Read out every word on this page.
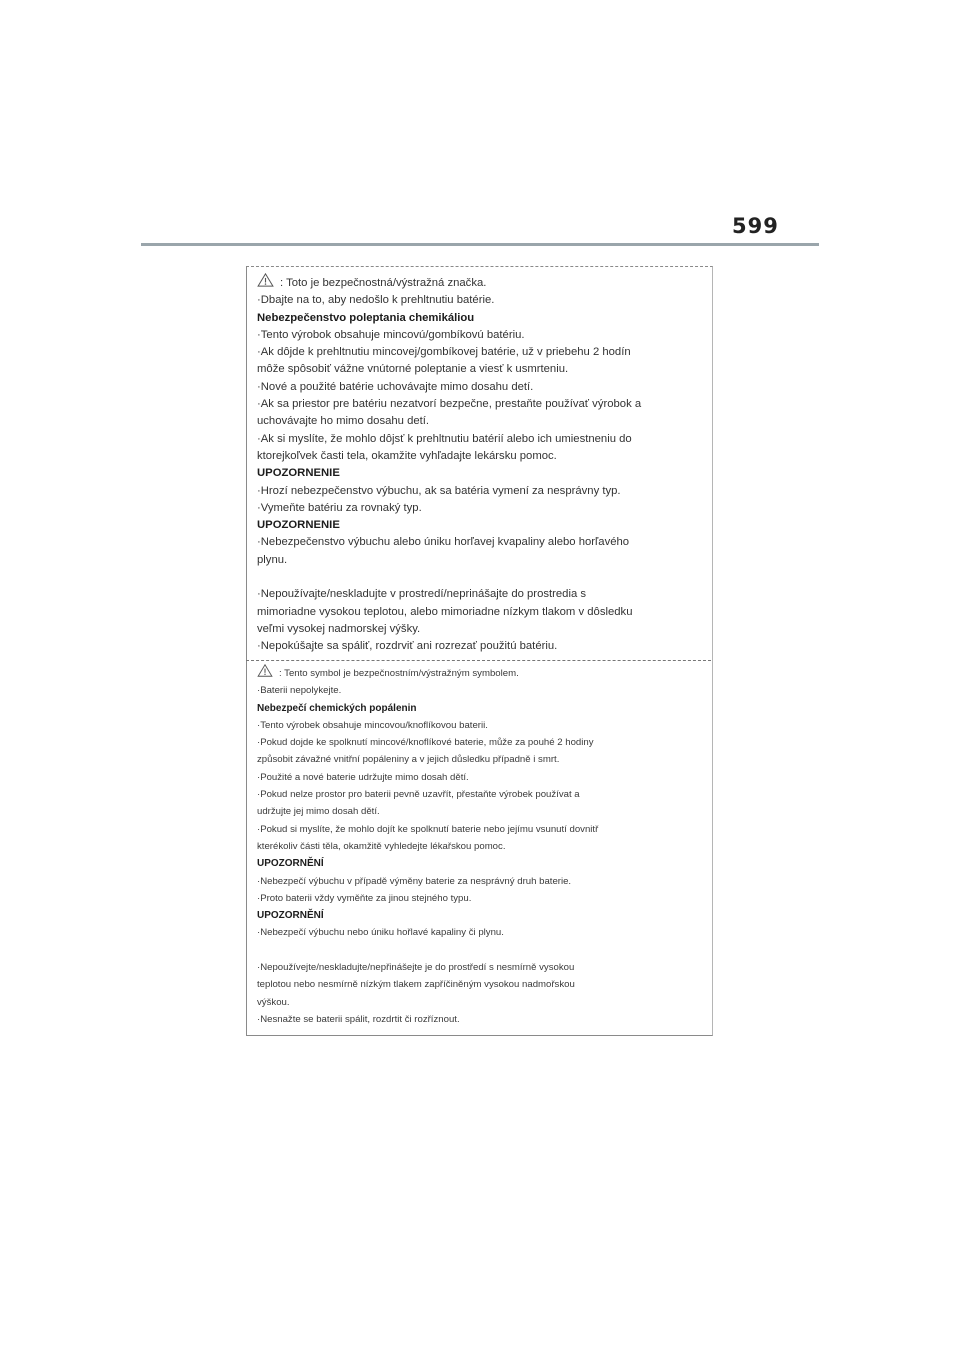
599
: Toto je bezpečnostná/výstražná značka.
·Dbajte na to, aby nedošlo k prehltnutiu batérie.
Nebezpečenstvo poleptania chemikáliou
·Tento výrobok obsahuje mincovú/gombíkovú batériu.
·Ak dôjde k prehltnutiu mincovej/gombíkovej batérie, už v priebehu 2 hodín
môže spôsobiť vážne vnútorné poleptanie a viesť k usmrteniu.
·Nové a použité batérie uchovávajte mimo dosahu detí.
·Ak sa priestor pre batériu nezatvorí bezpečne, prestaňte používať výrobok a
uchovávajte ho mimo dosahu detí.
·Ak si myslíte, že mohlo dôjsť k prehltnutiu batérií alebo ich umiestneniu do
ktorejkoľvek časti tela, okamžite vyhľadajte lekársku pomoc.
UPOZORNENIE
·Hrozí nebezpečenstvo výbuchu, ak sa batéria vymení za nesprávny typ.
·Vymeňte batériu za rovnaký typ.
UPOZORNENIE
·Nebezpečenstvo výbuchu alebo úniku horľavej kvapaliny alebo horľavého
plynu.
·Nepoužívajte/neskladujte v prostredí/neprinášajte do prostredia s
mimoriadne vysokou teplotou, alebo mimoriadne nízkym tlakom v dôsledku
veľmi vysokej nadmorskej výšky.
·Nepokúšajte sa spáliť, rozdrviť ani rozrezať použitú batériu.
: Tento symbol je bezpečnostním/výstražným symbolem.
·Baterii nepolykejte.
Nebezpečí chemických popálenin
·Tento výrobek obsahuje mincovou/knoflíkovou baterii.
·Pokud dojde ke spolknutí mincové/knoflíkové baterie, může za pouhé 2 hodiny
způsobit závažné vnitřní popáleniny a v jejich důsledku případně i smrt.
·Použité a nové baterie udržujte mimo dosah dětí.
·Pokud nelze prostor pro baterii pevně uzavřít, přestaňte výrobek používat a
udržujte jej mimo dosah dětí.
·Pokud si myslíte, že mohlo dojít ke spolknutí baterie nebo jejímu vsunutí dovnitř
kterékoliv části těla, okamžitě vyhledejte lékařskou pomoc.
UPOZORNĚNÍ
·Nebezpečí výbuchu v případě výměny baterie za nesprávný druh baterie.
·Proto baterii vždy vyměňte za jinou stejného typu.
UPOZORNĚNÍ
·Nebezpečí výbuchu nebo úniku hořlavé kapaliny či plynu.
·Nepoužívejte/neskladujte/nepřinášejte je do prostředí s nesmírně vysokou
teplotou nebo nesmírně nízkým tlakem zapříčiněným vysokou nadmořskou
výškou.
·Nesnažte se baterii spálit, rozdrtit či rozříznout.
